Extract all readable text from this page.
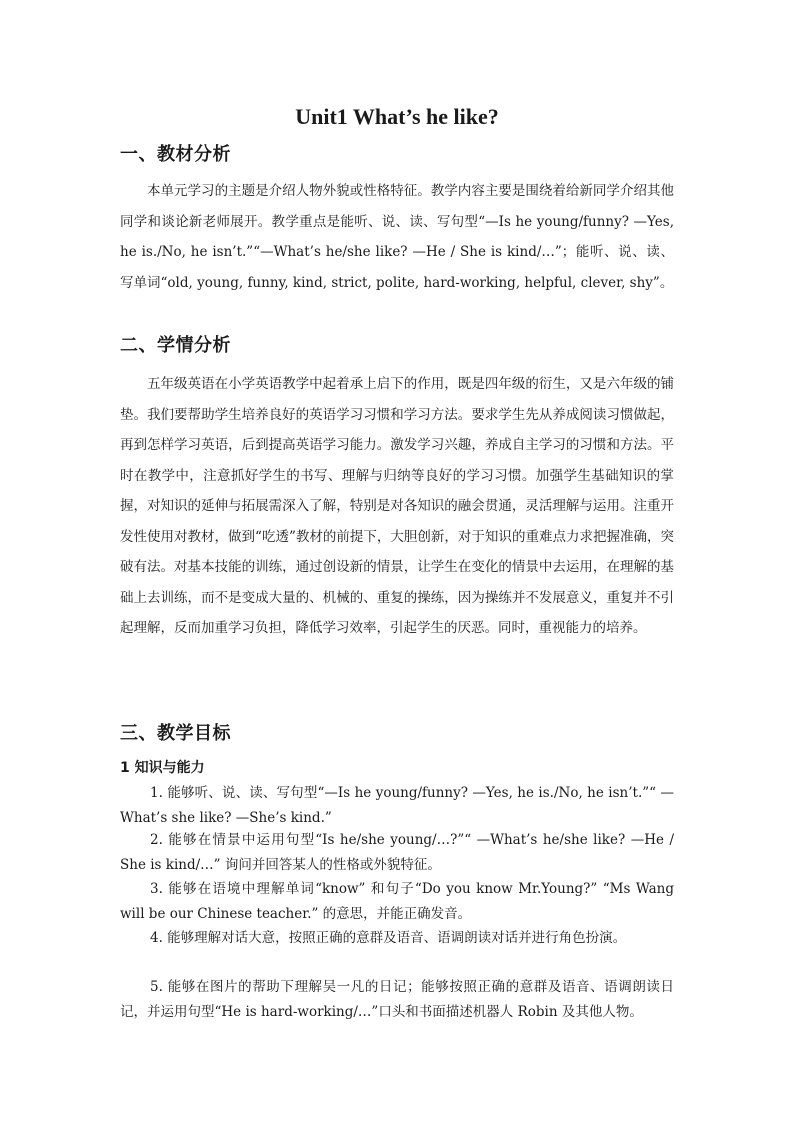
Unit1 What’s he like?
一、教材分析
本单元学习的主题是介绍人物外貌或性格特征。教学内容主要是围绕着给新同学介绍其他同学和谈论新老师展开。教学重点是能听、说、读、写句型“—Is he young/funny? —Yes, he is./No, he isn’t.”“—What’s he/she like? —He / She is kind/…”；能听、说、读、写单词“old, young, funny, kind, strict, polite, hard-working, helpful, clever, shy”。
二、学情分析
五年级英语在小学英语教学中起着承上启下的作用，既是四年级的衍生，又是六年级的铺垫。我们要帮助学生培养良好的英语学习习惯和学习方法。要求学生先从养成阅读习惯做起，再到怎样学习英语，后到提高英语学习能力。激发学习兴趣，养成自主学习的习惯和方法。平时在教学中，注意抓好学生的书写、理解与归纳等良好的学习习惯。加强学生基础知识的掌握，对知识的延伸与拓展需深入了解，特别是对各知识的融会贯通，灵活理解与运用。注重开发性使用对教材，做到“吃透”教材的前提下，大胆创新，对于知识的重难点力求把握准确，突破有法。对基本技能的训练，通过创设新的情景，让学生在变化的情景中去运用，在理解的基础上去训练，而不是变成大量的、机械的、重复的操练，因为操练并不发展意义，重复并不引起理解，反而加重学习负担，降低学习效率，引起学生的厌恶。同时，重视能力的培养。
三、教学目标
1 知识与能力
1. 能够听、说、读、写句型“—Is he young/funny? —Yes, he is./No, he isn’t.”“ —What’s she like? —She’s kind.”
2. 能够在情景中运用句型“Is he/she young/…?”“ —What’s he/she like? —He / She is kind/…” 询问并回答某人的性格或外貌特征。
3. 能够在语境中理解单词“know” 和句子“Do you know Mr.Young?” “Ms Wang will be our Chinese teacher.” 的意思，并能正确发音。
4. 能够理解对话大意，按照正确的意群及语音、语调朗读对话并进行角色扮演。
5. 能够在图片的帮助下理解吴一凡的日记；能够按照正确的意群及语音、语调朗读日记，并运用句型“He is hard-working/…”口头和书面描述机器人 Robin 及其他人物。
